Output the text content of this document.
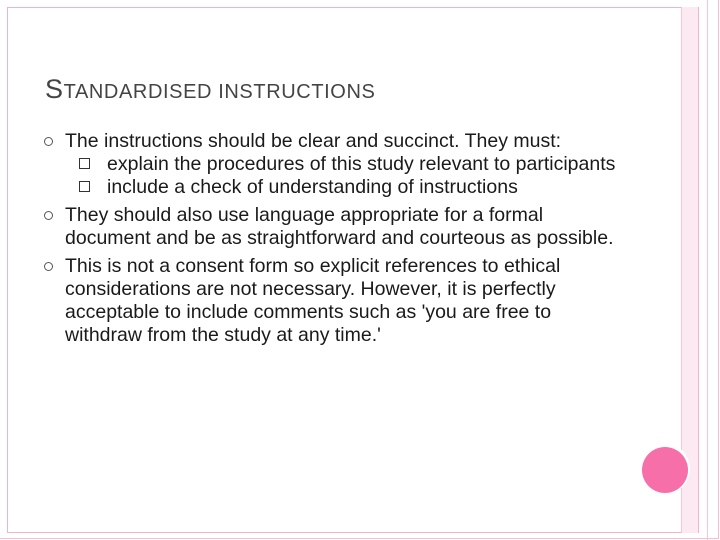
STANDARDISED INSTRUCTIONS
The instructions should be clear and succinct. They must:
explain the procedures of this study relevant to participants
include a check of understanding of instructions
They should also use language appropriate for a formal document and be as straightforward and courteous as possible.
This is not a consent form so explicit references to ethical considerations are not necessary. However, it is perfectly acceptable to include comments such as 'you are free to withdraw from the study at any time.'
